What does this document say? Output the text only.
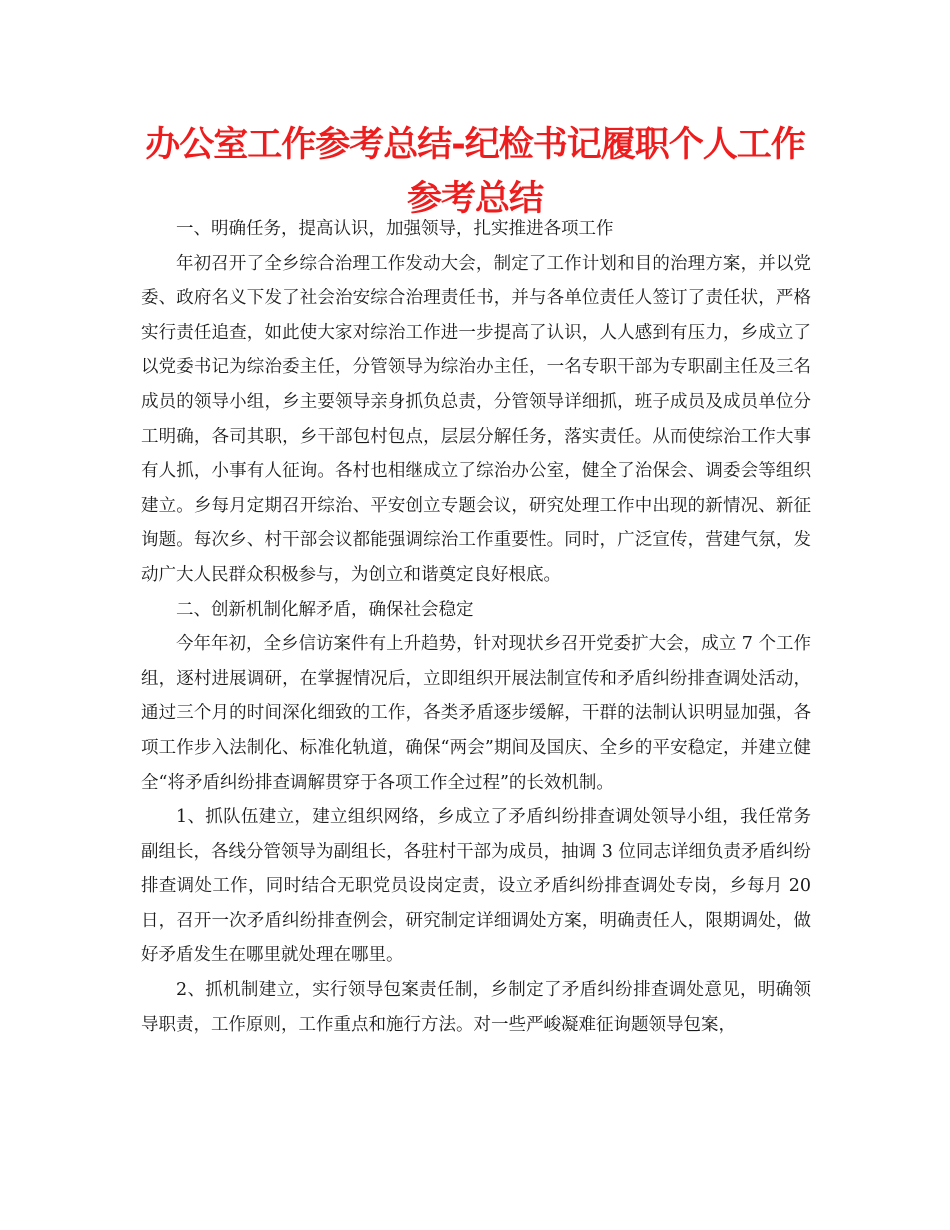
办公室工作参考总结-纪检书记履职个人工作参考总结

一、明确任务，提高认识，加强领导，扎实推进各项工作

年初召开了全乡综合治理工作发动大会，制定了工作计划和目的治理方案，并以党委、政府名义下发了社会治安综合治理责任书，并与各单位责任人签订了责任状，严格实行责任追查，如此使大家对综治工作进一步提高了认识，人人感到有压力，乡成立了以党委书记为综治委主任，分管领导为综治办主任，一名专职干部为专职副主任及三名成员的领导小组，乡主要领导亲身抓负总责，分管领导详细抓，班子成员及成员单位分工明确，各司其职，乡干部包村包点，层层分解任务，落实责任。从而使综治工作大事有人抓，小事有人征询。各村也相继成立了综治办公室，健全了治保会、调委会等组织建立。乡每月定期召开综治、平安创立专题会议，研究处理工作中出现的新情况、新征询题。每次乡、村干部会议都能强调综治工作重要性。同时，广泛宣传，营建气氛，发动广大人民群众积极参与，为创立和谐奠定良好根底。

二、创新机制化解矛盾，确保社会稳定

今年年初，全乡信访案件有上升趋势，针对现状乡召开党委扩大会，成立 7 个工作组，逐村进展调研，在掌握情况后，立即组织开展法制宣传和矛盾纠纷排查调处活动，通过三个月的时间深化细致的工作，各类矛盾逐步缓解，干群的法制认识明显加强，各项工作步入法制化、标准化轨道，确保“两会”期间及国庆、全乡的平安稳定，并建立健全“将矛盾纠纷排查调解贯穿于各项工作全过程”的长效机制。

1、抓队伍建立，建立组织网络，乡成立了矛盾纠纷排查调处领导小组，我任常务副组长，各线分管领导为副组长，各驻村干部为成员，抽调 3 位同志详细负责矛盾纠纷排查调处工作，同时结合无职党员设岗定责，设立矛盾纠纷排查调处专岗，乡每月 20 日，召开一次矛盾纠纷排查例会，研究制定详细调处方案，明确责任人，限期调处，做好矛盾发生在哪里就处理在哪里。

2、抓机制建立，实行领导包案责任制，乡制定了矛盾纠纷排查调处意见，明确领导职责，工作原则，工作重点和施行方法。对一些严峻凝难征询题领导包案，
